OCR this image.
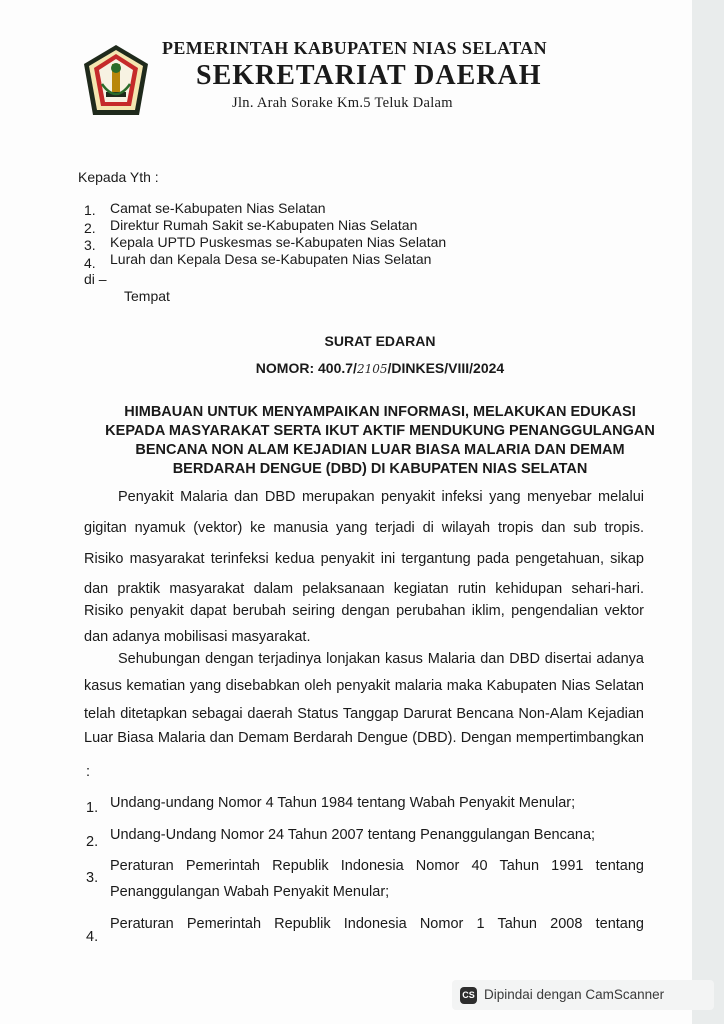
PEMERINTAH KABUPATEN NIAS SELATAN
SEKRETARIAT DAERAH
Jln. Arah Sorake Km.5 Teluk Dalam
Kepada Yth :
1. Camat se-Kabupaten Nias Selatan
2. Direktur Rumah Sakit se-Kabupaten Nias Selatan
3. Kepala UPTD Puskesmas se-Kabupaten Nias Selatan
4. Lurah dan Kepala Desa se-Kabupaten Nias Selatan
di –
Tempat
SURAT EDARAN
NOMOR: 400.7/2105/DINKES/VIII/2024
HIMBAUAN UNTUK MENYAMPAIKAN INFORMASI, MELAKUKAN EDUKASI
KEPADA MASYARAKAT SERTA IKUT AKTIF MENDUKUNG PENANGGULANGAN
BENCANA NON ALAM KEJADIAN LUAR BIASA MALARIA DAN DEMAM
BERDARAH DENGUE (DBD) DI KABUPATEN NIAS SELATAN
Penyakit Malaria dan DBD merupakan penyakit infeksi yang menyebar melalui
gigitan nyamuk (vektor) ke manusia yang terjadi di wilayah tropis dan sub tropis.
Risiko masyarakat terinfeksi kedua penyakit ini tergantung pada pengetahuan, sikap
dan praktik masyarakat dalam pelaksanaan kegiatan rutin kehidupan sehari-hari.
Risiko penyakit dapat berubah seiring dengan perubahan iklim, pengendalian vektor
dan adanya mobilisasi masyarakat.
Sehubungan dengan terjadinya lonjakan kasus Malaria dan DBD disertai adanya
kasus kematian yang disebabkan oleh penyakit malaria maka Kabupaten Nias Selatan
telah ditetapkan sebagai daerah Status Tanggap Darurat Bencana Non-Alam Kejadian
Luar Biasa Malaria dan Demam Berdarah Dengue (DBD). Dengan mempertimbangkan
:
1. Undang-undang Nomor 4 Tahun 1984 tentang Wabah Penyakit Menular;
2. Undang-Undang Nomor 24 Tahun 2007 tentang Penanggulangan Bencana;
3.
Peraturan Pemerintah Republik Indonesia Nomor 40 Tahun 1991 tentang
Penanggulangan Wabah Penyakit Menular;
4.
Peraturan Pemerintah Republik Indonesia Nomor 1 Tahun 2008 tentang
CS Dipindai dengan CamScanner
